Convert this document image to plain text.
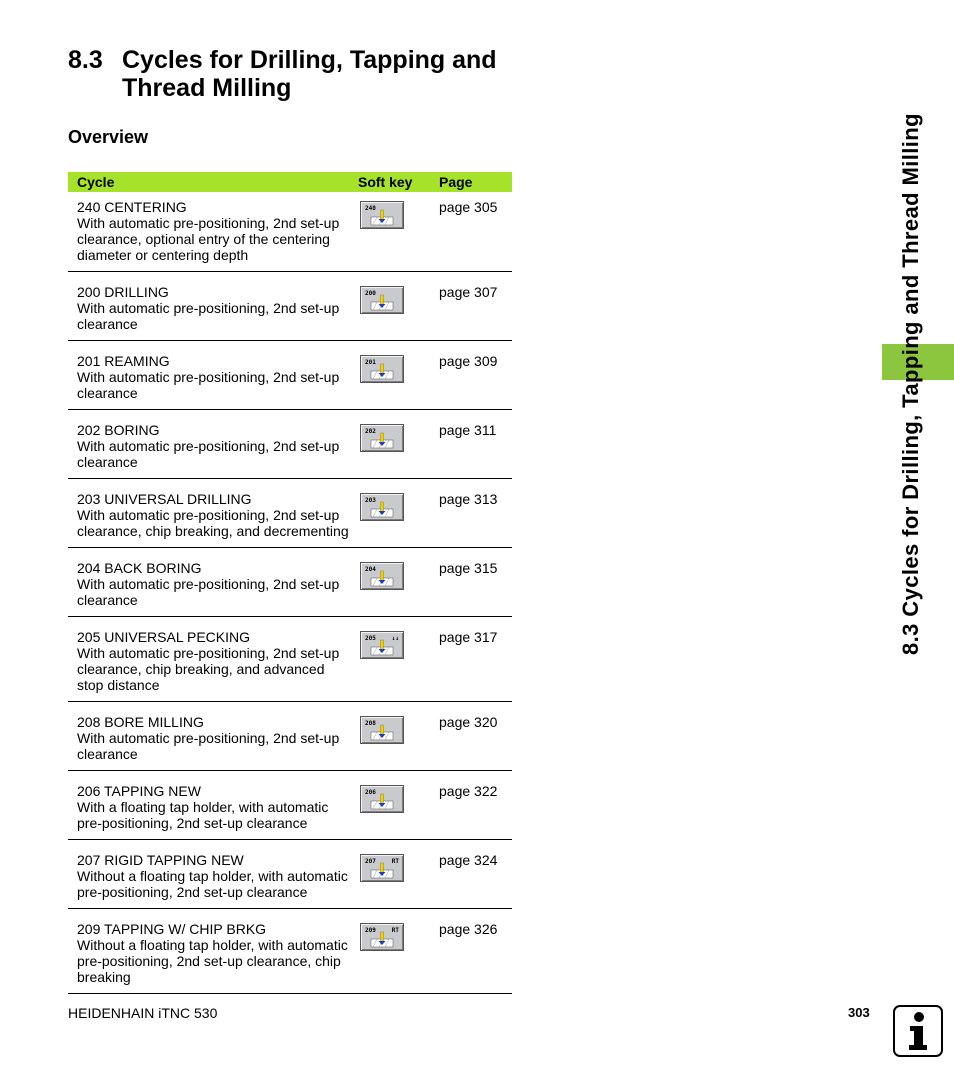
8.3 Cycles for Drilling, Tapping and Thread Milling
Overview
Cycle	Soft key	Page

240 CENTERING
With automatic pre-positioning, 2nd set-up clearance, optional entry of the centering diameter or centering depth	240	page 305

200 DRILLING
With automatic pre-positioning, 2nd set-up clearance	200	page 307

201 REAMING
With automatic pre-positioning, 2nd set-up clearance	201	page 309

202 BORING
With automatic pre-positioning, 2nd set-up clearance	202	page 311

203 UNIVERSAL DRILLING
With automatic pre-positioning, 2nd set-up clearance, chip breaking, and decrementing	203	page 313

204 BACK BORING
With automatic pre-positioning, 2nd set-up clearance	204	page 315

205 UNIVERSAL PECKING
With automatic pre-positioning, 2nd set-up clearance, chip breaking, and advanced stop distance	205 ↓↓	page 317

208 BORE MILLING
With automatic pre-positioning, 2nd set-up clearance	208	page 320

206 TAPPING NEW
With a floating tap holder, with automatic pre-positioning, 2nd set-up clearance	206	page 322

207 RIGID TAPPING NEW
Without a floating tap holder, with automatic pre-positioning, 2nd set-up clearance	207 RT	page 324

209 TAPPING W/ CHIP BRKG
Without a floating tap holder, with automatic pre-positioning, 2nd set-up clearance, chip breaking	209 RT	page 326
8.3 Cycles for Drilling, Tapping and Thread Milling
HEIDENHAIN iTNC 530	303
